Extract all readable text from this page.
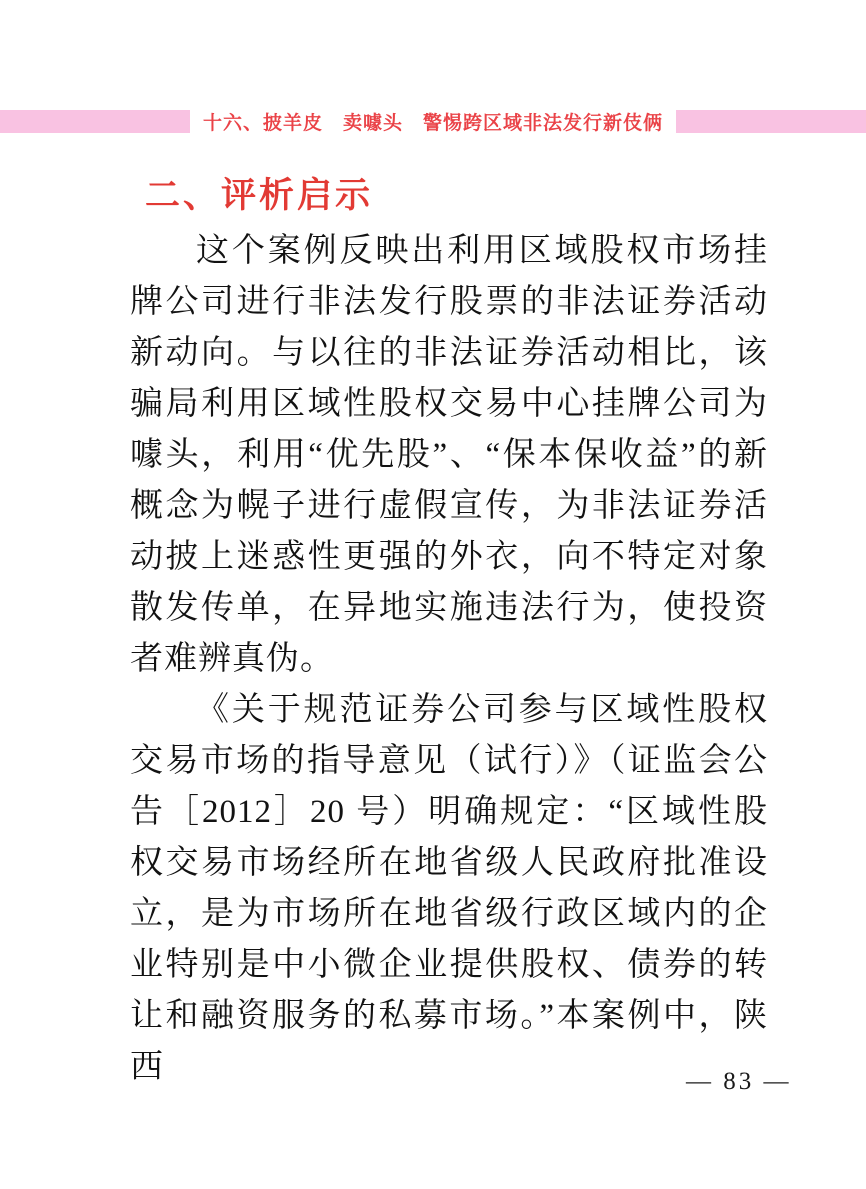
十六、披羊皮　卖噱头　警惕跨区域非法发行新伎俩
二、评析启示

这个案例反映出利用区域股权市场挂牌公司进行非法发行股票的非法证券活动新动向。与以往的非法证券活动相比，该骗局利用区域性股权交易中心挂牌公司为噱头，利用“优先股”、“保本保收益”的新概念为幌子进行虚假宣传，为非法证券活动披上迷惑性更强的外衣，向不特定对象散发传单，在异地实施违法行为，使投资者难辨真伪。

《关于规范证券公司参与区域性股权交易市场的指导意见（试行）》（证监会公告［2012］20 号）明确规定：“区域性股权交易市场经所在地省级人民政府批准设立，是为市场所在地省级行政区域内的企业特别是中小微企业提供股权、债券的转让和融资服务的私募市场。”本案例中，陕西	— 83 —
